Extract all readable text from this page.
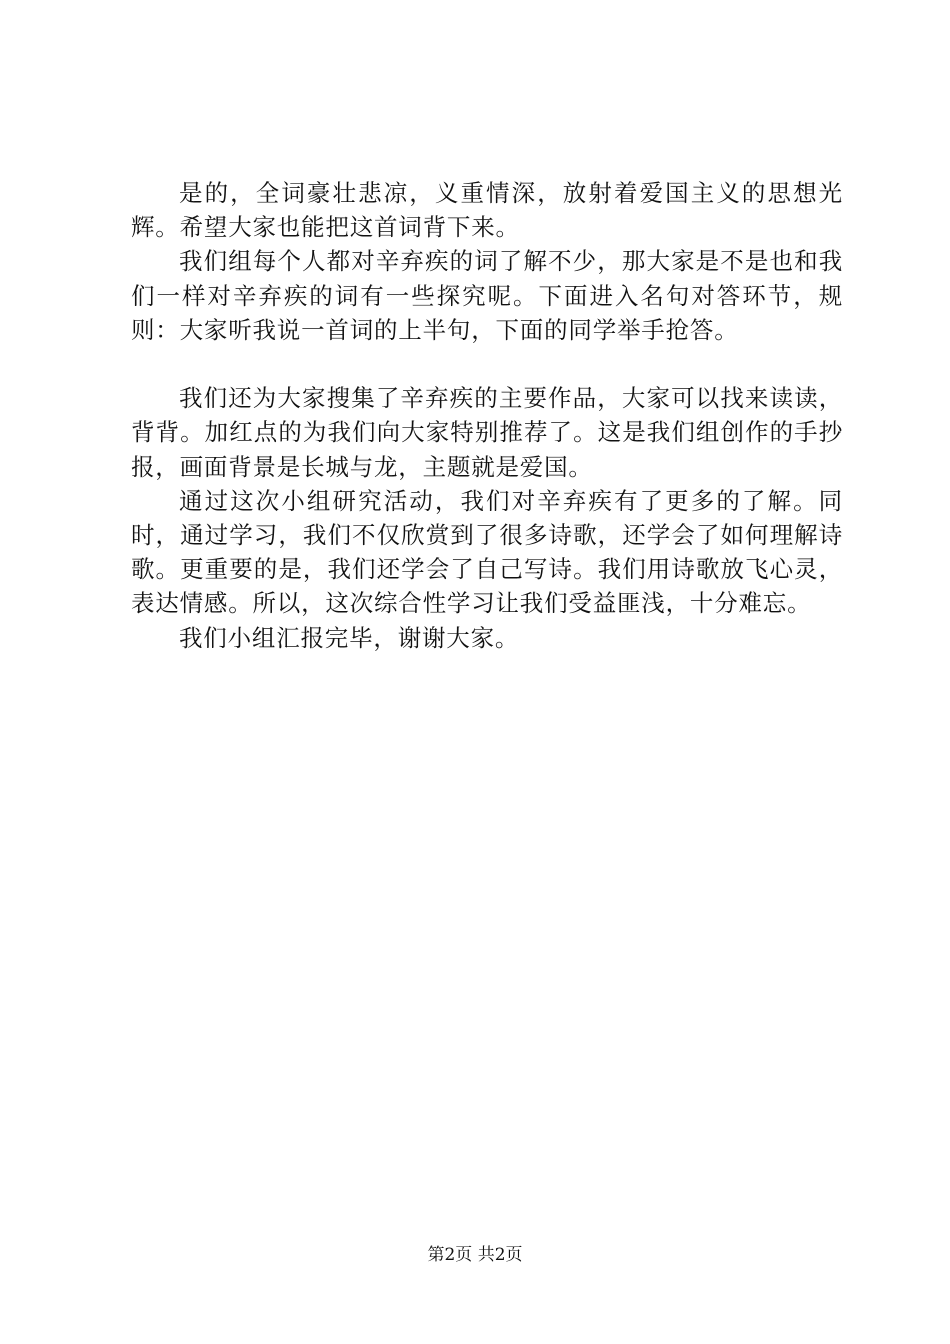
是的，全词豪壮悲凉，义重情深，放射着爱国主义的思想光辉。希望大家也能把这首词背下来。

我们组每个人都对辛弃疾的词了解不少，那大家是不是也和我们一样对辛弃疾的词有一些探究呢。下面进入名句对答环节，规则：大家听我说一首词的上半句，下面的同学举手抢答。

我们还为大家搜集了辛弃疾的主要作品，大家可以找来读读，背背。加红点的为我们向大家特别推荐了。这是我们组创作的手抄报，画面背景是长城与龙，主题就是爱国。

通过这次小组研究活动，我们对辛弃疾有了更多的了解。同时，通过学习，我们不仅欣赏到了很多诗歌，还学会了如何理解诗歌。更重要的是，我们还学会了自己写诗。我们用诗歌放飞心灵，表达情感。所以，这次综合性学习让我们受益匪浅，十分难忘。

我们小组汇报完毕，谢谢大家。

第2页 共2页
